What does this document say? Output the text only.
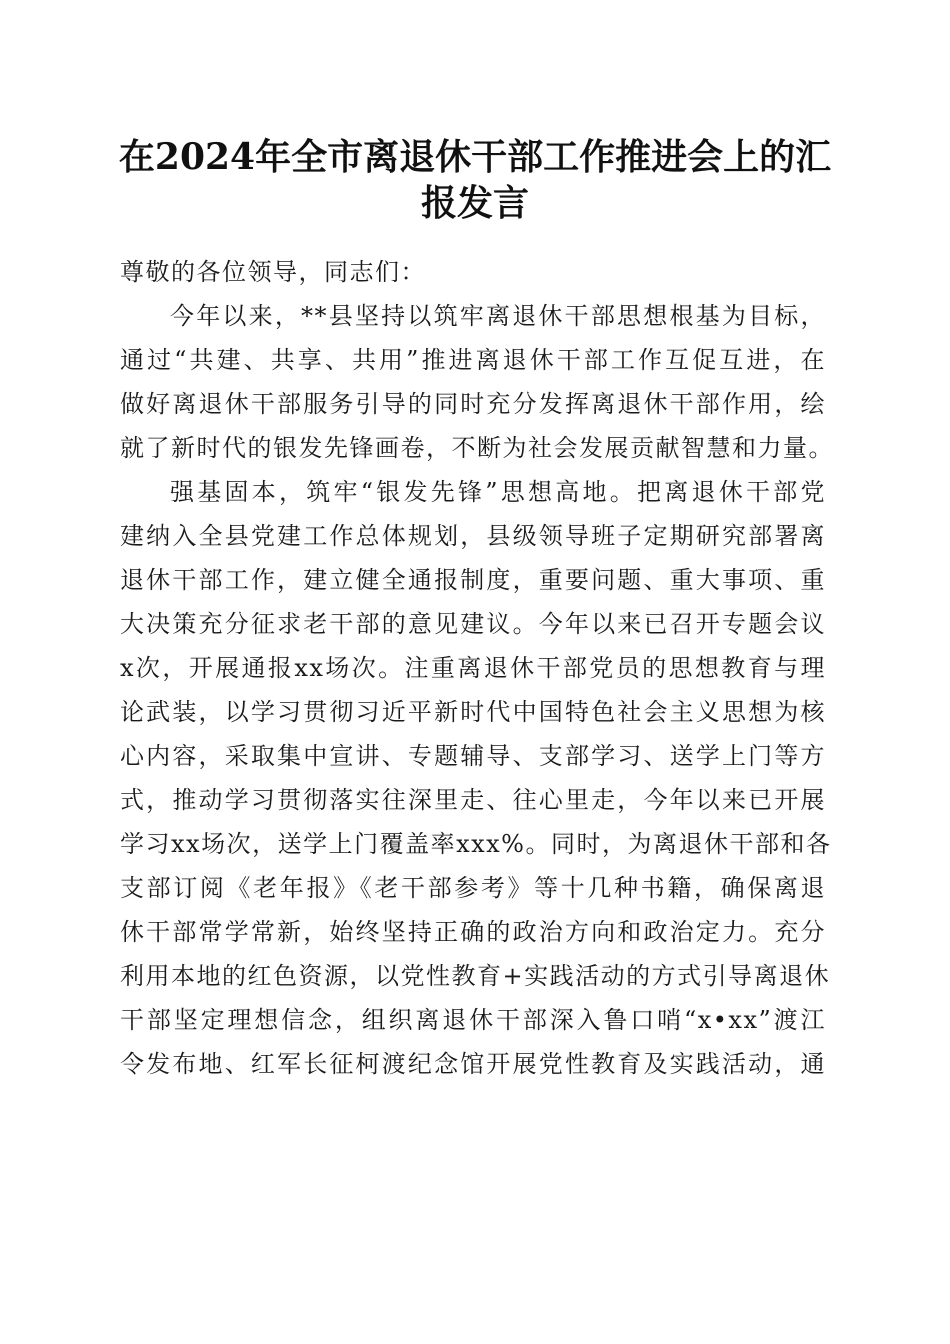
在2024年全市离退休干部工作推进会上的汇
报发言

尊敬的各位领导，同志们：

今年以来，**县坚持以筑牢离退休干部思想根基为目标，

通过“共建、共享、共用”推进离退休干部工作互促互进，在

做好离退休干部服务引导的同时充分发挥离退休干部作用，绘

就了新时代的银发先锋画卷，不断为社会发展贡献智慧和力量。

强基固本，筑牢“银发先锋”思想高地。把离退休干部党

建纳入全县党建工作总体规划，县级领导班子定期研究部署离

退休干部工作，建立健全通报制度，重要问题、重大事项、重

大决策充分征求老干部的意见建议。今年以来已召开专题会议

x次，开展通报xx场次。注重离退休干部党员的思想教育与理

论武装，以学习贯彻习近平新时代中国特色社会主义思想为核

心内容，采取集中宣讲、专题辅导、支部学习、送学上门等方

式，推动学习贯彻落实往深里走、往心里走，今年以来已开展

学习xx场次，送学上门覆盖率xxx%。同时，为离退休干部和各

支部订阅《老年报》《老干部参考》等十几种书籍，确保离退

休干部常学常新，始终坚持正确的政治方向和政治定力。充分

利用本地的红色资源，以党性教育+实践活动的方式引导离退休

干部坚定理想信念，组织离退休干部深入鲁口哨“x•xx”渡江

令发布地、红军长征柯渡纪念馆开展党性教育及实践活动，通
